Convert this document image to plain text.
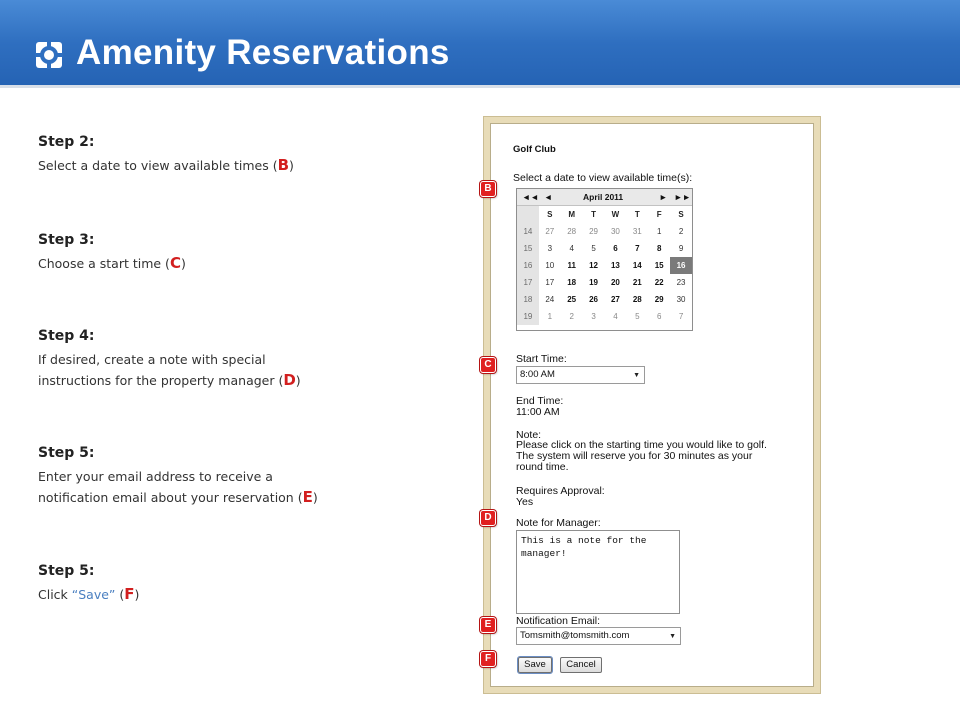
Amenity Reservations
Step 2:
Select a date to view available times (B)
Step 3:
Choose a start time (C)
Step 4:
If desired, create a note with special
instructions for the property manager (D)
Step 5:
Enter your email address to receive a
notification email about your reservation (E)
Step 5:
Click “Save” (F)
Golf Club
Select a date to view available time(s):
◄◄ ◄	April 2011	► ►►
	S	M	T	W	T	F	S
14	27	28	29	30	31	1	2
15	3	4	5	6	7	8	9
16	10	11	12	13	14	15	16
17	17	18	19	20	21	22	23
18	24	25	26	27	28	29	30
19	1	2	3	4	5	6	7
Start Time:
8:00 AM	▼
End Time:
11:00 AM
Note:
Please click on the starting time you would like to golf.
The system will reserve you for 30 minutes as your
round time.
Requires Approval:
Yes
Note for Manager:
This is a note for the
manager!
Notification Email:
Tomsmith@tomsmith.com	▼
Save	Cancel
B
C
D
E
F
